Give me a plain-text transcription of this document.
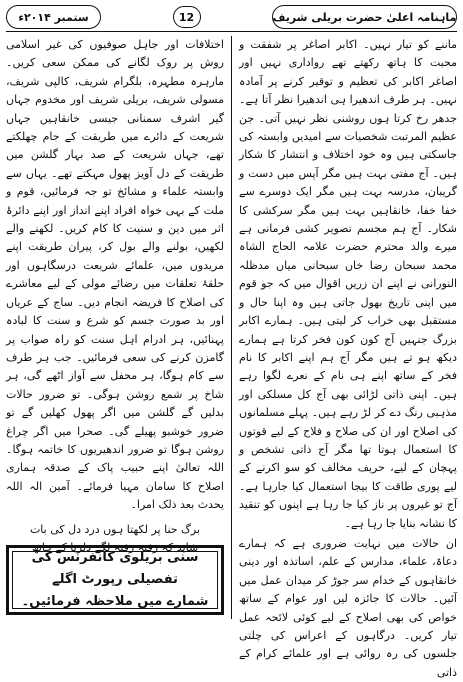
ستمبر ۲۰۱۴ء	12	ماہنامہ اعلیٰ حضرت بریلی شریف

ماننے کو تیار نہیں۔ اکابر اصاغر پر شفقت و محبت کا ہاتھ رکھتے تھے رواداری نہیں اور اصاغر اکابر کی تعظیم و توقیر کرنے پر آمادہ نہیں۔ ہر طرف اندھیرا ہی اندھیرا نظر آتا ہے۔ جدھر رخ کرتا ہوں روشنی نظر نہیں آتی۔ جن عظیم المرتبت شخصیات سے امیدیں وابستہ کی جاسکتی ہیں وہ خود اختلاف و انتشار کا شکار ہیں۔ آج مفتی بہت ہیں مگر آپس میں دست و گریبان، مدرسہ بہت ہیں مگر ایک دوسرے سے خفا خفا، خانقاہیں بہت ہیں مگر سرکشی کا شکار۔ آج ہم مجسم تصویر کشی فرمانی ہے میرے والد محترم حضرت علامہ الحاج الشاہ محمد سبحان رضا خاں سبحانی میاں مدظلہ النورانی نے اپنے ان زریں اقوال میں کہ جو قوم میں اپنی تاریخ بھول جاتی ہیں وہ اپنا حال و مستقبل بھی خراب کر لیتی ہیں۔ ہمارے اکابر بزرگ جنہیں آج کون کون فخر کرتا ہے ہمارے دیکھ ہو تے ہیں مگر آج ہم اپنے اکابر کا نام فخر کے ساتھ اپنے ہی نام کے نعرے لگوا رہے ہیں۔ اپنی ذاتی لڑائی بھی آج کل مسلکی اور مذہبی رنگ دے کر لڑ رہے ہیں۔ پہلے مسلمانوں کی اصلاح اور ان کی صلاح و فلاح کے لیے قوتوں کا استعمال ہوتا تھا مگر آج ذاتی تشخص و پہچان کے لیے، حریف مخالف کو سو اکرنے کے لیے پوری طاقت کا بیجا استعمال کیا جارہا ہے۔ آج تو غیروں پر ناز کیا جا رہا ہے اپنوں کو تنقید کا نشانہ بنایا جا رہا ہے۔

ان حالات میں نہایت ضروری ہے کہ ہمارے دعاۃ، علماء، مدارس کے علم، اساتذہ اور دینی خانقاہوں کے خدام سر جوڑ کر میدان عمل میں آئیں۔ حالات کا جائزہ لیں اور عوام کے ساتھ خواص کی بھی اصلاح کے لیے کوئی لائحہ عمل تیار کریں۔ درگاہوں کے اعراس کی چلتی جلسوں کی رہ روائی ہے اور علمائے کرام کے ذاتی

اختلافات اور جاہل صوفیوں کی غیر اسلامی روش پر روک لگانے کی ممکن سعی کریں۔ مارہرہ مطہرہ، بلگرام شریف، کالپی شریف، مسولی شریف، بریلی شریف اور مخدوم جہاں گیر اشرف سمنانی جیسی خانقاہیں جہاں شریعت کے دائرے میں طریقت کے جام چھلکتے تھے، جہاں شریعت کے صد بہار گلشن میں طریقت کے دل آویز پھول مہکتے تھے۔ یہاں سے وابستہ علماء و مشائخ تو جہ فرمائیں، قوم و ملت کے بہی خواہ افراد اپنے انداز اور اپنے دائرۂ اثر میں دین و سنیت کا کام کریں۔ لکھنے والے لکھیں، بولنے والے بول کر، پیران طریقت اپنے مریدوں میں، علمائے شریعت درسگاہوں اور حلقۂ تعلقات میں رضائے مولی کے لیے معاشرے کی اصلاح کا فریضہ انجام دیں۔ ساج کے عریاں اور بد صورت جسم کو شرع و سنت کا لبادہ پہنائیں، ہر ادرام اہل سنت کو راہ صواب پر گامزن کرنے کی سعی فرمائیں۔ جب ہر طرف سے کام ہوگا، ہر محفل سے آواز اٹھے گی، ہر شاخ پر شمع روشن ہوگی۔ تو ضرور حالات بدلیں گے گلشن میں اگر پھول کھلیں گے تو ضرور خوشبو پھیلے گی۔ صحرا میں اگر چراغ روشن ہوگا تو ضرور اندھیریوں کا خاتمہ ہوگا۔ اللہ تعالیٰ اپنے حبیب پاک کے صدقہ ہماری اصلاح کا سامان مہیا فرمائے۔ آمین الہ اللہ یحدث بعد ذلک امرا۔

برگ حنا پر لکھتا ہوں درد دل کی بات
شاید کہ رفتہ رفتہ لگے دلربا کے ہاتھ
سنی بریلوی کانفرنس کی تفصیلی رپورٹ اگلے
شمارے میں ملاحظہ فرمائیں۔
